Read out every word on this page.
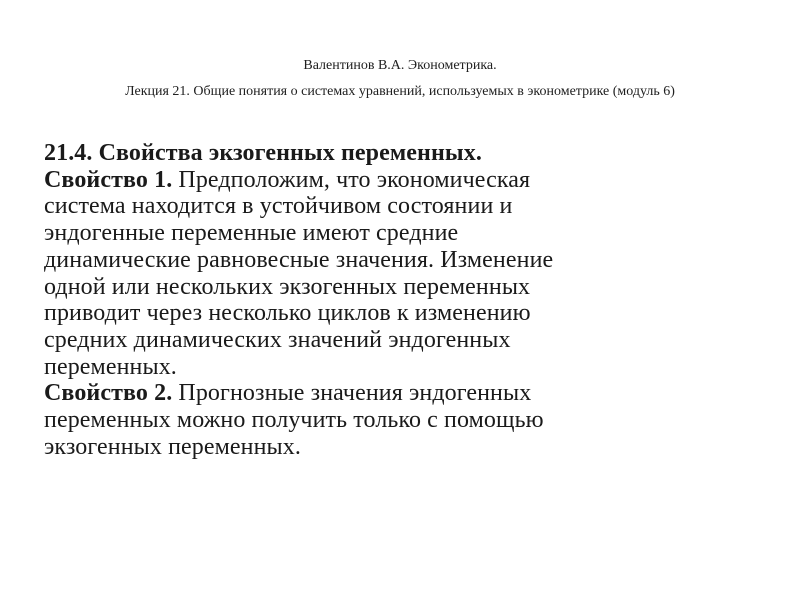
Валентинов В.А. Эконометрика.
Лекция 21. Общие понятия о системах уравнений, используемых в эконометрике (модуль 6)
21.4. Свойства экзогенных переменных.
Свойство 1. Предположим, что экономическая
система находится в устойчивом состоянии и
эндогенные переменные имеют средние
динамические равновесные значения. Изменение
одной или нескольких экзогенных переменных
приводит через несколько циклов к изменению
средних динамических значений эндогенных
переменных.
Свойство 2. Прогнозные значения эндогенных
переменных можно получить только с помощью
экзогенных переменных.
